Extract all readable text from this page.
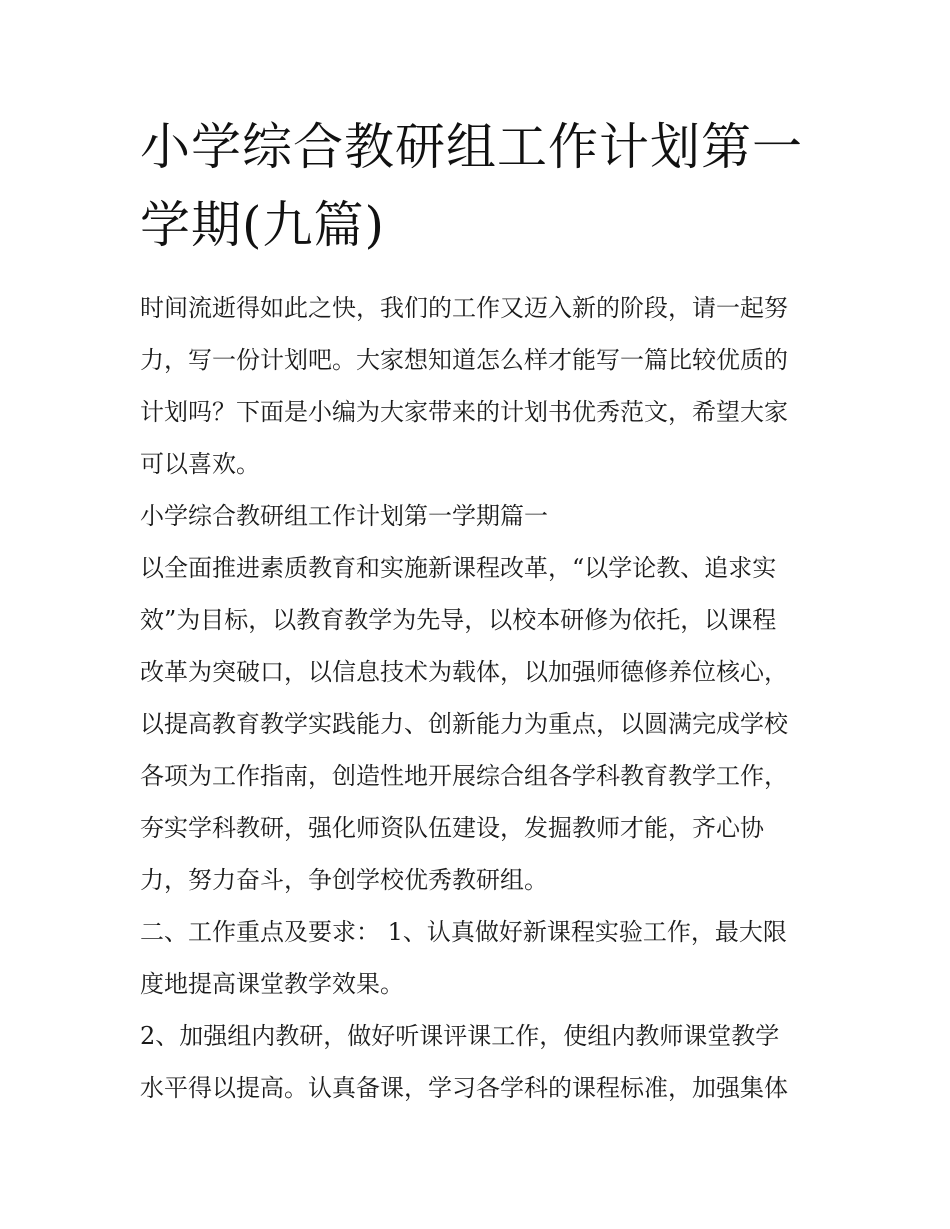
小学综合教研组工作计划第一
学期(九篇)

时间流逝得如此之快，我们的工作又迈入新的阶段，请一起努

力，写一份计划吧。大家想知道怎么样才能写一篇比较优质的

计划吗？下面是小编为大家带来的计划书优秀范文，希望大家

可以喜欢。

小学综合教研组工作计划第一学期篇一

以全面推进素质教育和实施新课程改革，“以学论教、追求实

效”为目标，以教育教学为先导，以校本研修为依托，以课程

改革为突破口，以信息技术为载体，以加强师德修养位核心，

以提高教育教学实践能力、创新能力为重点，以圆满完成学校

各项为工作指南，创造性地开展综合组各学科教育教学工作，

夯实学科教研，强化师资队伍建设，发掘教师才能，齐心协

力，努力奋斗，争创学校优秀教研组。

二、工作重点及要求： 1、认真做好新课程实验工作，最大限

度地提高课堂教学效果。

2、加强组内教研，做好听课评课工作，使组内教师课堂教学

水平得以提高。认真备课，学习各学科的课程标准，加强集体
